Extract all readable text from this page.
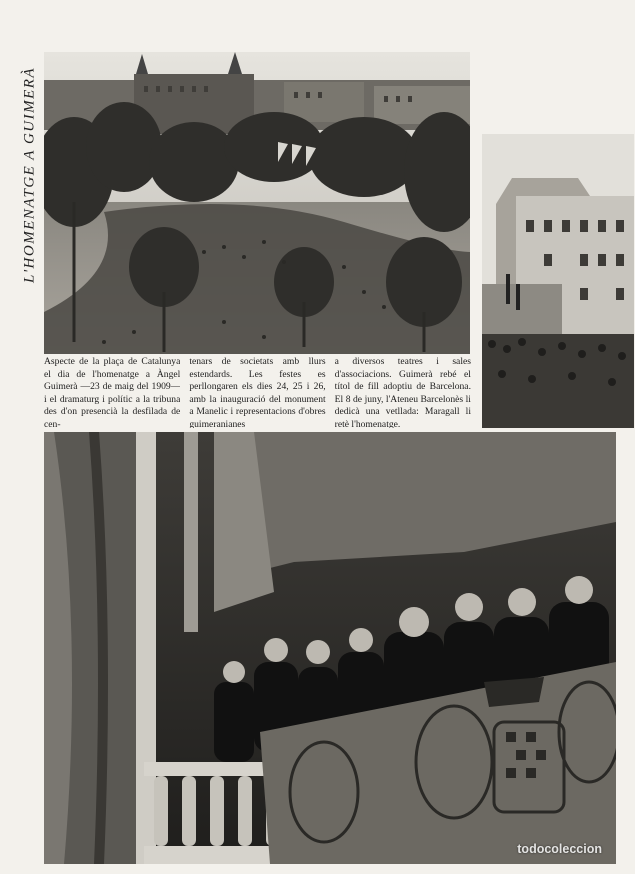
L'HOMENATGE A GUIMERÀ
Aspecte de la plaça de Catalunya el dia de l'homenatge a Àngel Guimerà —23 de maig del 1909— i el dramaturg i polític a la tribuna des d'on presencià la desfilada de cen-
tenars de societats amb llurs estendards. Les festes es perllongaren els dies 24, 25 i 26, amb la inauguració del monument a Manelic i representacions d'obres guimeranianes
a diversos teatres i sales d'associacions. Guimerà rebé el títol de fill adoptiu de Barcelona. El 8 de juny, l'Ateneu Barcelonès li dedicà una vetllada: Maragall li retè l'homenatge.
todocoleccion
